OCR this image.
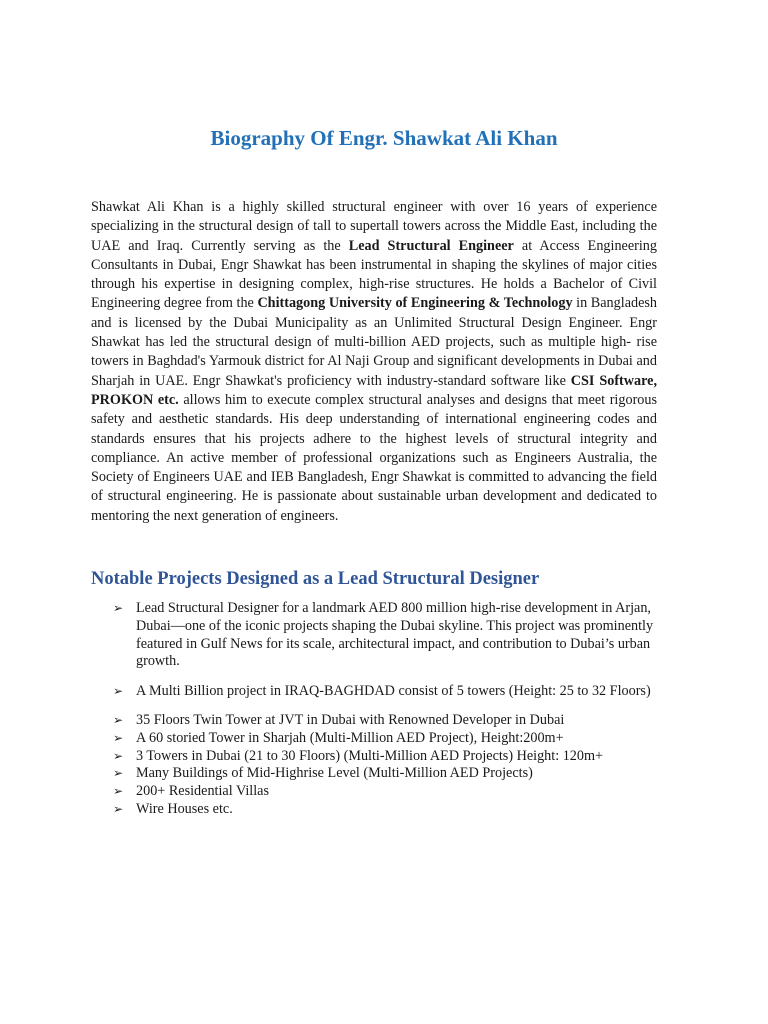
Biography Of Engr. Shawkat Ali Khan

Shawkat Ali Khan is a highly skilled structural engineer with over 16 years of experience specializing in the structural design of tall to supertall towers across the Middle East, including the UAE and Iraq. Currently serving as the Lead Structural Engineer at Access Engineering Consultants in Dubai, Engr Shawkat has been instrumental in shaping the skylines of major cities through his expertise in designing complex, high-rise structures. He holds a Bachelor of Civil Engineering degree from the Chittagong University of Engineering & Technology in Bangladesh and is licensed by the Dubai Municipality as an Unlimited Structural Design Engineer. Engr Shawkat has led the structural design of multi-billion AED projects, such as multiple high- rise towers in Baghdad's Yarmouk district for Al Naji Group and significant developments in Dubai and Sharjah in UAE. Engr Shawkat's proficiency with industry-standard software like CSI Software, PROKON etc. allows him to execute complex structural analyses and designs that meet rigorous safety and aesthetic standards. His deep understanding of international engineering codes and standards ensures that his projects adhere to the highest levels of structural integrity and compliance. An active member of professional organizations such as Engineers Australia, the Society of Engineers UAE and IEB Bangladesh, Engr Shawkat is committed to advancing the field of structural engineering. He is passionate about sustainable urban development and dedicated to mentoring the next generation of engineers.

Notable Projects Designed as a Lead Structural Designer
➢ Lead Structural Designer for a landmark AED 800 million high-rise development in Arjan, Dubai—one of the iconic projects shaping the Dubai skyline. This project was prominently featured in Gulf News for its scale, architectural impact, and contribution to Dubai’s urban growth.
➢ A Multi Billion project in IRAQ-BAGHDAD consist of 5 towers (Height: 25 to 32 Floors)
➢ 35 Floors Twin Tower at JVT in Dubai with Renowned Developer in Dubai
➢ A 60 storied Tower in Sharjah (Multi-Million AED Project), Height:200m+
➢ 3 Towers in Dubai (21 to 30 Floors) (Multi-Million AED Projects) Height: 120m+
➢ Many Buildings of Mid-Highrise Level (Multi-Million AED Projects)
➢ 200+ Residential Villas
➢ Wire Houses etc.
